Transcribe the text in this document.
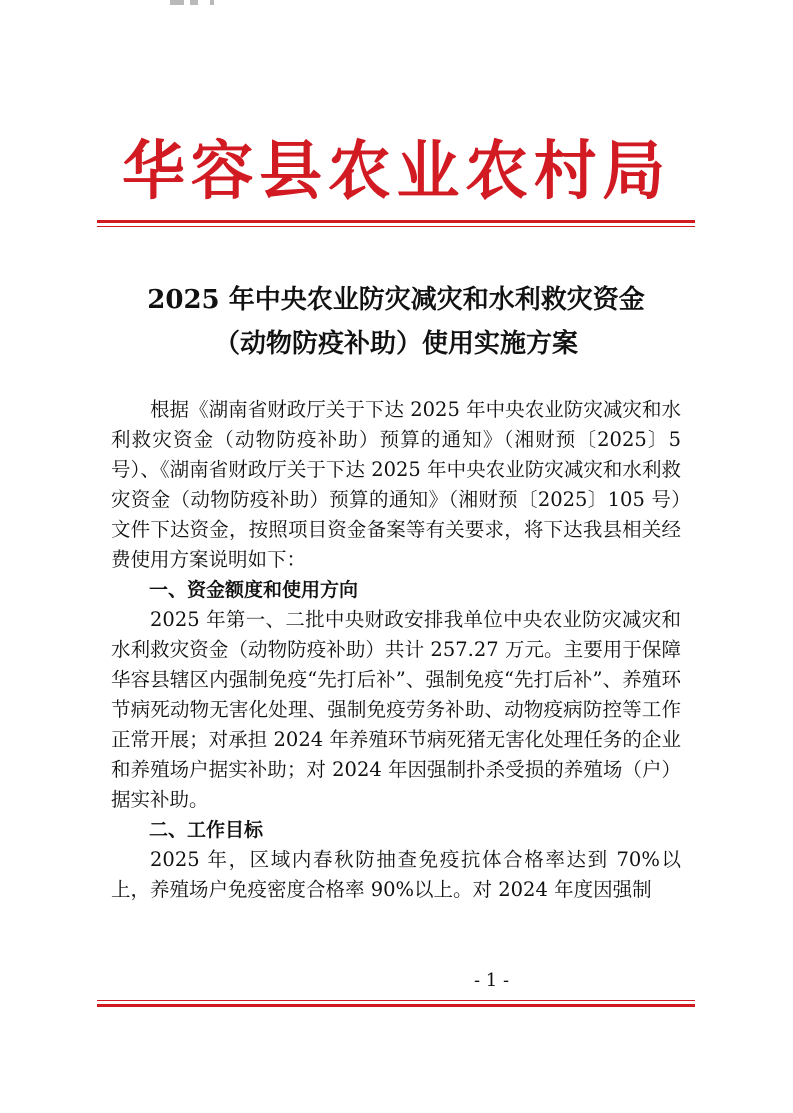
华容县农业农村局
2025 年中央农业防灾减灾和水利救灾资金
（动物防疫补助）使用实施方案
根据《湖南省财政厅关于下达 2025 年中央农业防灾减灾和水利救灾资金（动物防疫补助）预算的通知》（湘财预〔2025〕5 号）、《湖南省财政厅关于下达 2025 年中央农业防灾减灾和水利救灾资金（动物防疫补助）预算的通知》（湘财预〔2025〕105 号）文件下达资金，按照项目资金备案等有关要求，将下达我县相关经费使用方案说明如下：
一、资金额度和使用方向
2025 年第一、二批中央财政安排我单位中央农业防灾减灾和水利救灾资金（动物防疫补助）共计 257.27 万元。主要用于保障华容县辖区内强制免疫“先打后补”、强制免疫“先打后补”、养殖环节病死动物无害化处理、强制免疫劳务补助、动物疫病防控等工作正常开展；对承担 2024 年养殖环节病死猪无害化处理任务的企业和养殖场户据实补助；对 2024 年因强制扑杀受损的养殖场（户）据实补助。
二、工作目标
2025 年，区域内春秋防抽查免疫抗体合格率达到 70%以上，养殖场户免疫密度合格率 90%以上。对 2024 年度因强制
- 1 -
